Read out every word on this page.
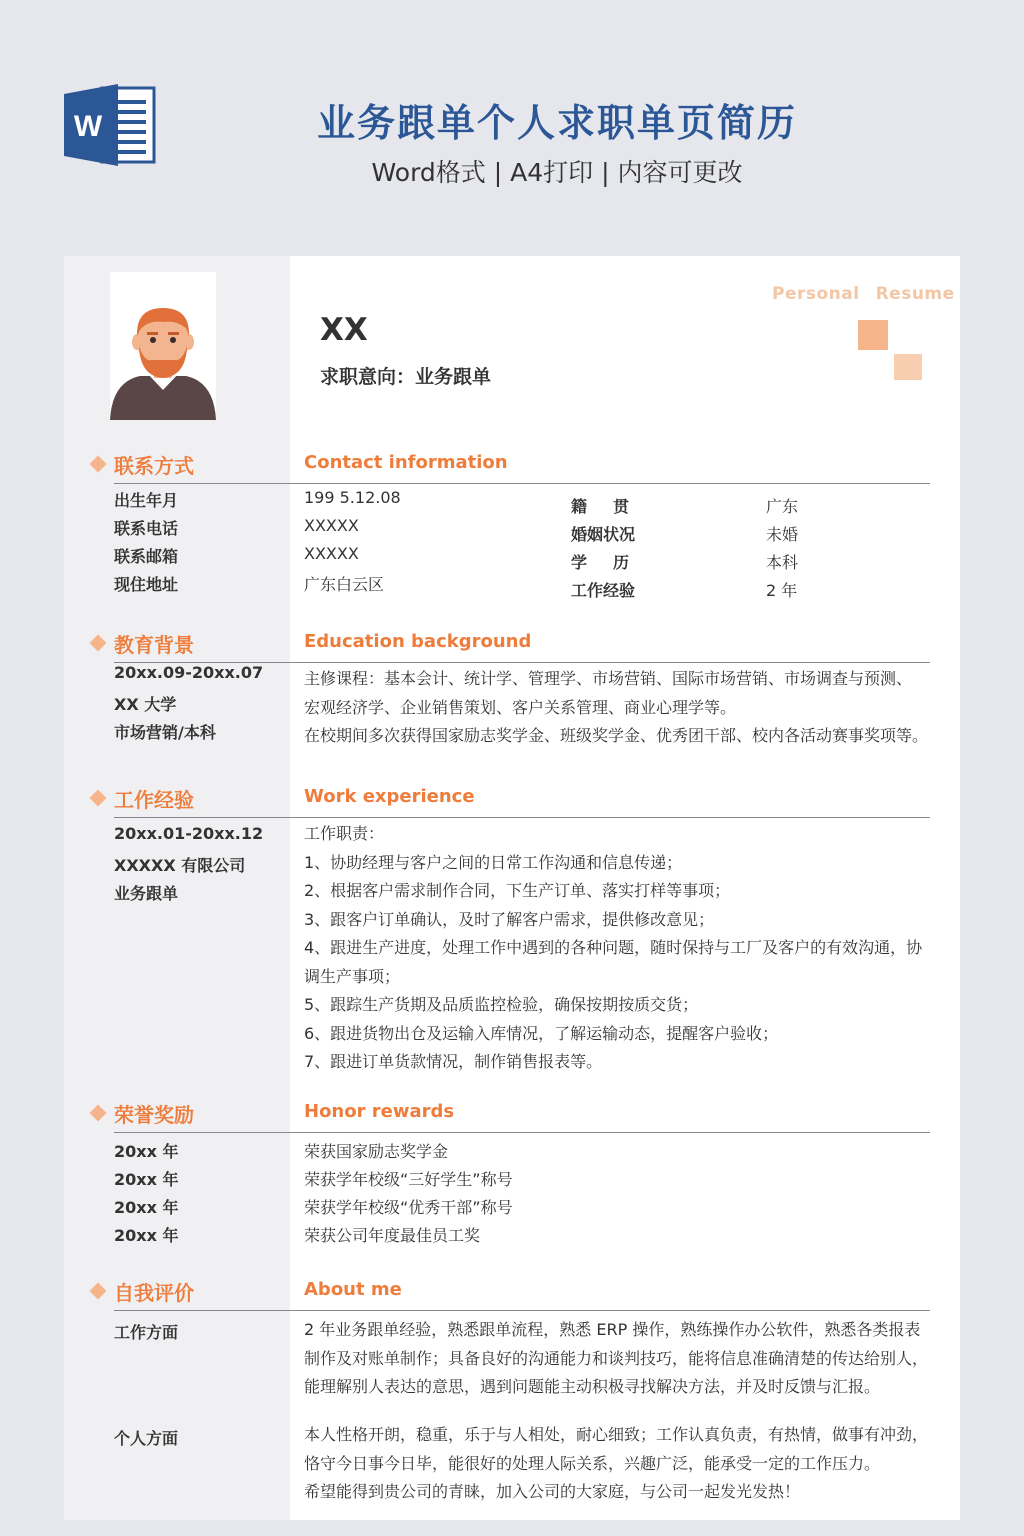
W	业务跟单个人求职单页简历
Word格式 | A4打印 | 内容可更改
Personal Resume
XX
求职意向：业务跟单
联系方式	Contact information
出生年月	199 5.12.08
联系电话	XXXXX
联系邮箱	XXXXX
现住地址	广东白云区
籍贯	广东
婚姻状况	未婚
学历	本科
工作经验	2 年
教育背景	Education background
20xx.09-20xx.07
XX 大学
市场营销/本科
主修课程：基本会计、统计学、管理学、市场营销、国际市场营销、市场调查与预测、
宏观经济学、企业销售策划、客户关系管理、商业心理学等。
在校期间多次获得国家励志奖学金、班级奖学金、优秀团干部、校内各活动赛事奖项等。
工作经验	Work experience
20xx.01-20xx.12
XXXXX 有限公司
业务跟单
工作职责：
1、协助经理与客户之间的日常工作沟通和信息传递；
2、根据客户需求制作合同，下生产订单、落实打样等事项；
3、跟客户订单确认，及时了解客户需求，提供修改意见；
4、跟进生产进度，处理工作中遇到的各种问题，随时保持与工厂及客户的有效沟通，协
调生产事项；
5、跟踪生产货期及品质监控检验，确保按期按质交货；
6、跟进货物出仓及运输入库情况，了解运输动态，提醒客户验收；
7、跟进订单货款情况，制作销售报表等。
荣誉奖励	Honor rewards
20xx 年	荣获国家励志奖学金
20xx 年	荣获学年校级“三好学生”称号
20xx 年	荣获学年校级“优秀干部”称号
20xx 年	荣获公司年度最佳员工奖
自我评价	About me
工作方面	2 年业务跟单经验，熟悉跟单流程，熟悉 ERP 操作，熟练操作办公软件，熟悉各类报表
制作及对账单制作；具备良好的沟通能力和谈判技巧，能将信息准确清楚的传达给别人，
能理解别人表达的意思，遇到问题能主动积极寻找解决方法，并及时反馈与汇报。
个人方面	本人性格开朗，稳重，乐于与人相处，耐心细致；工作认真负责，有热情，做事有冲劲，
恪守今日事今日毕，能很好的处理人际关系，兴趣广泛，能承受一定的工作压力。
希望能得到贵公司的青睐，加入公司的大家庭，与公司一起发光发热！
